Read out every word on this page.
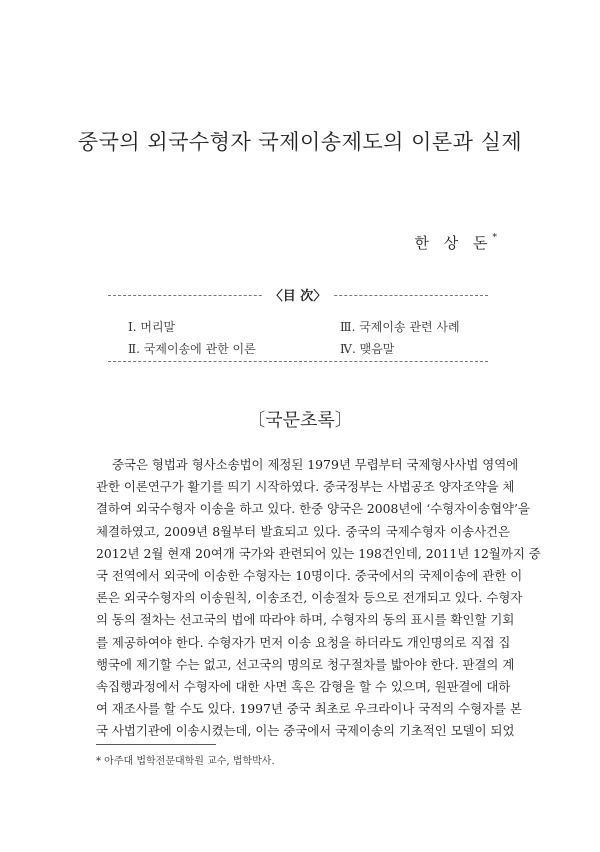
중국의 외국수형자 국제이송제도의 이론과 실제
한 상 돈*
〈目 次〉
Ⅰ. 머리말	Ⅲ. 국제이송 관련 사례
Ⅱ. 국제이송에 관한 이론	Ⅳ. 맺음말
〔국문초록〕
중국은 형법과 형사소송법이 제정된 1979년 무렵부터 국제형사사법 영역에
관한 이론연구가 활기를 띄기 시작하였다. 중국정부는 사법공조 양자조약을 체
결하여 외국수형자 이송을 하고 있다. 한중 양국은 2008년에 ‘수형자이송협약’을
체결하였고, 2009년 8월부터 발효되고 있다. 중국의 국제수형자 이송사건은
2012년 2월 현재 20여개 국가와 관련되어 있는 198건인데, 2011년 12월까지 중
국 전역에서 외국에 이송한 수형자는 10명이다. 중국에서의 국제이송에 관한 이
론은 외국수형자의 이송원칙, 이송조건, 이송절차 등으로 전개되고 있다. 수형자
의 동의 절차는 선고국의 법에 따라야 하며, 수형자의 동의 표시를 확인할 기회
를 제공하여야 한다. 수형자가 먼저 이송 요청을 하더라도 개인명의로 직접 집
행국에 제기할 수는 없고, 선고국의 명의로 청구절차를 밟아야 한다. 판결의 계
속집행과정에서 수형자에 대한 사면 혹은 감형을 할 수 있으며, 원판결에 대하
여 재조사를 할 수도 있다. 1997년 중국 최초로 우크라이나 국적의 수형자를 본
국 사법기관에 이송시켰는데, 이는 중국에서 국제이송의 기초적인 모델이 되었
* 아주대 법학전문대학원 교수, 법학박사.
